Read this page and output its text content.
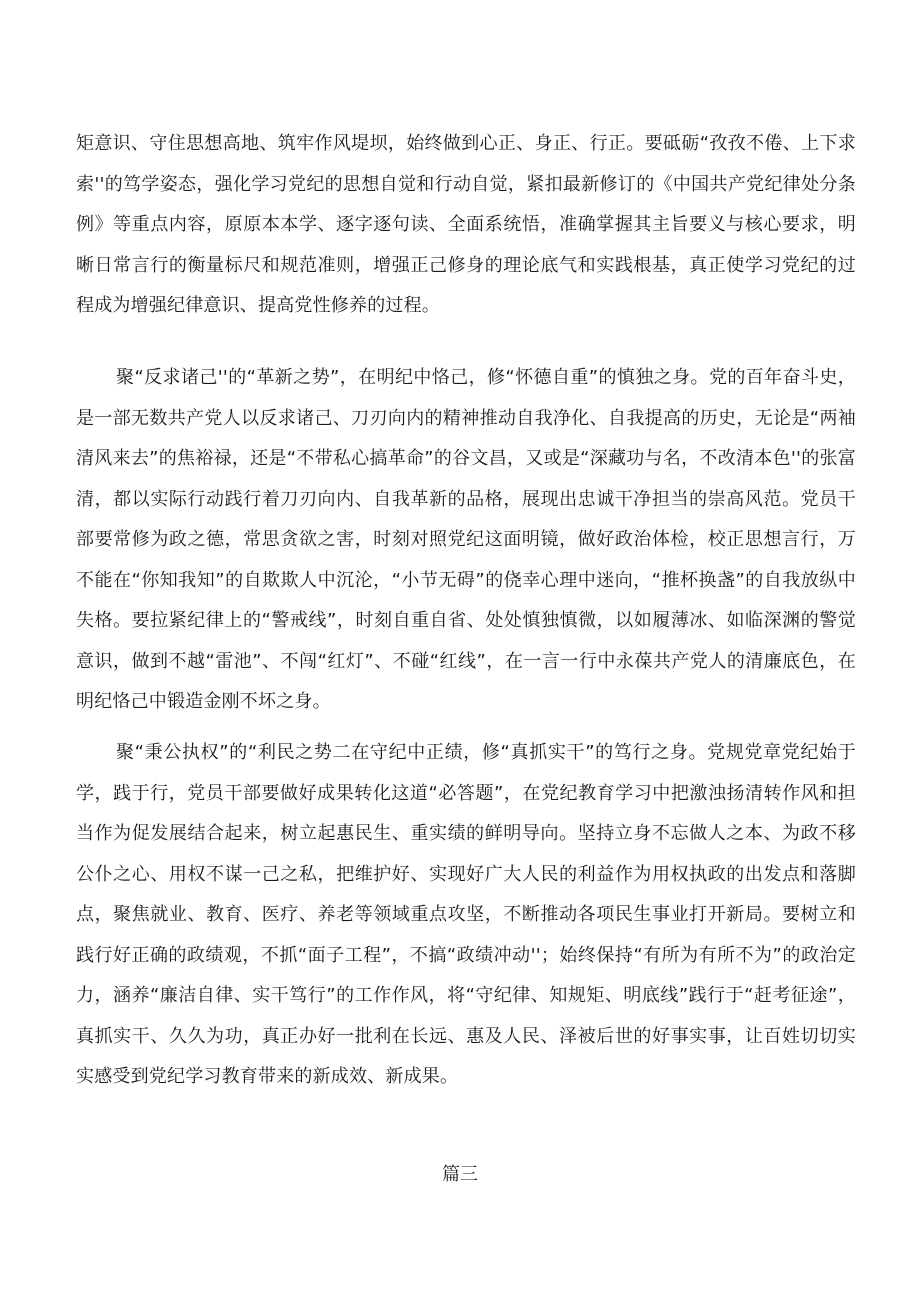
矩意识、守住思想高地、筑牢作风堤坝，始终做到心正、身正、行正。要砥砺“孜孜不倦、上下求索''的笃学姿态，强化学习党纪的思想自觉和行动自觉，紧扣最新修订的《中国共产党纪律处分条例》等重点内容，原原本本学、逐字逐句读、全面系统悟，准确掌握其主旨要义与核心要求，明晰日常言行的衡量标尺和规范准则，增强正己修身的理论底气和实践根基，真正使学习党纪的过程成为增强纪律意识、提高党性修养的过程。

聚“反求诸己''的“革新之势”，在明纪中恪己，修“怀德自重”的慎独之身。党的百年奋斗史，是一部无数共产党人以反求诸己、刀刃向内的精神推动自我净化、自我提高的历史，无论是“两袖清风来去”的焦裕禄，还是“不带私心搞革命”的谷文昌，又或是“深藏功与名，不改清本色''的张富清，都以实际行动践行着刀刃向内、自我革新的品格，展现出忠诚干净担当的崇高风范。党员干部要常修为政之德，常思贪欲之害，时刻对照党纪这面明镜，做好政治体检，校正思想言行，万不能在“你知我知”的自欺欺人中沉沦，“小节无碍”的侥幸心理中迷向，“推杯换盏”的自我放纵中失格。要拉紧纪律上的“警戒线”，时刻自重自省、处处慎独慎微，以如履薄冰、如临深渊的警觉意识，做到不越“雷池”、不闯“红灯”、不碰“红线”，在一言一行中永葆共产党人的清廉底色，在明纪恪己中锻造金刚不坏之身。

聚“秉公执权”的“利民之势二在守纪中正绩，修“真抓实干”的笃行之身。党规党章党纪始于学，践于行，党员干部要做好成果转化这道“必答题”，在党纪教育学习中把激浊扬清转作风和担当作为促发展结合起来，树立起惠民生、重实绩的鲜明导向。坚持立身不忘做人之本、为政不移公仆之心、用权不谋一己之私，把维护好、实现好广大人民的利益作为用权执政的出发点和落脚点，聚焦就业、教育、医疗、养老等领域重点攻坚，不断推动各项民生事业打开新局。要树立和践行好正确的政绩观，不抓“面子工程”，不搞“政绩冲动''；始终保持“有所为有所不为”的政治定力，涵养“廉洁自律、实干笃行”的工作作风，将“守纪律、知规矩、明底线”践行于“赶考征途”，真抓实干、久久为功，真正办好一批利在长远、惠及人民、泽被后世的好事实事，让百姓切切实实感受到党纪学习教育带来的新成效、新成果。

篇三
